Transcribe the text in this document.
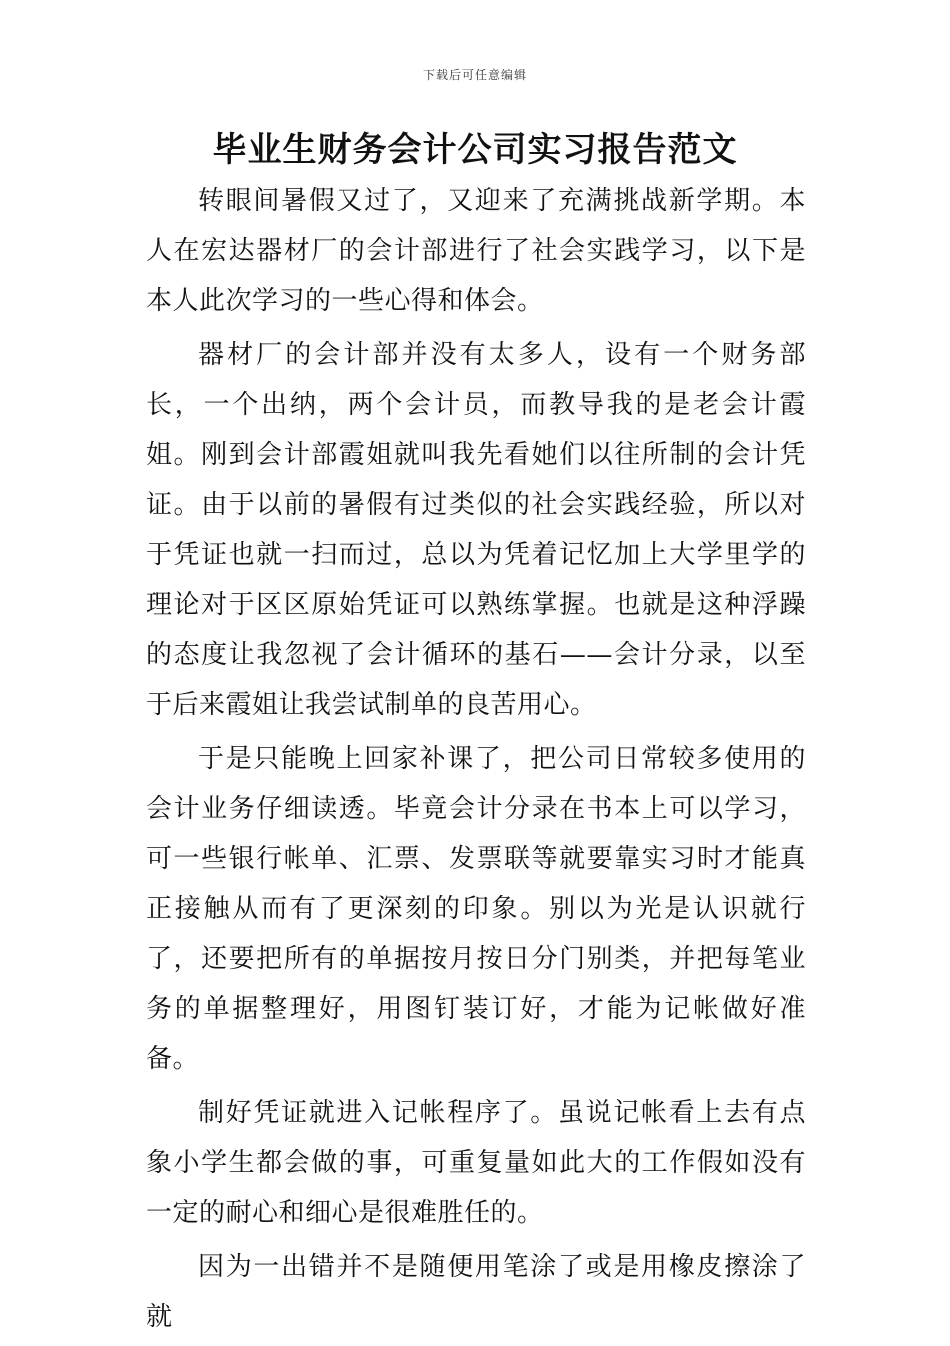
下载后可任意编辑
毕业生财务会计公司实习报告范文

转眼间暑假又过了，又迎来了充满挑战新学期。本人在宏达器材厂的会计部进行了社会实践学习，以下是本人此次学习的一些心得和体会。

器材厂的会计部并没有太多人，设有一个财务部长，一个出纳，两个会计员，而教导我的是老会计霞姐。刚到会计部霞姐就叫我先看她们以往所制的会计凭证。由于以前的暑假有过类似的社会实践经验，所以对于凭证也就一扫而过，总以为凭着记忆加上大学里学的理论对于区区原始凭证可以熟练掌握。也就是这种浮躁的态度让我忽视了会计循环的基石——会计分录，以至于后来霞姐让我尝试制单的良苦用心。

于是只能晚上回家补课了，把公司日常较多使用的会计业务仔细读透。毕竟会计分录在书本上可以学习，可一些银行帐单、汇票、发票联等就要靠实习时才能真正接触从而有了更深刻的印象。别以为光是认识就行了，还要把所有的单据按月按日分门别类，并把每笔业务的单据整理好，用图钉装订好，才能为记帐做好准备。

制好凭证就进入记帐程序了。虽说记帐看上去有点象小学生都会做的事，可重复量如此大的工作假如没有一定的耐心和细心是很难胜任的。

因为一出错并不是随便用笔涂了或是用橡皮擦涂了就
